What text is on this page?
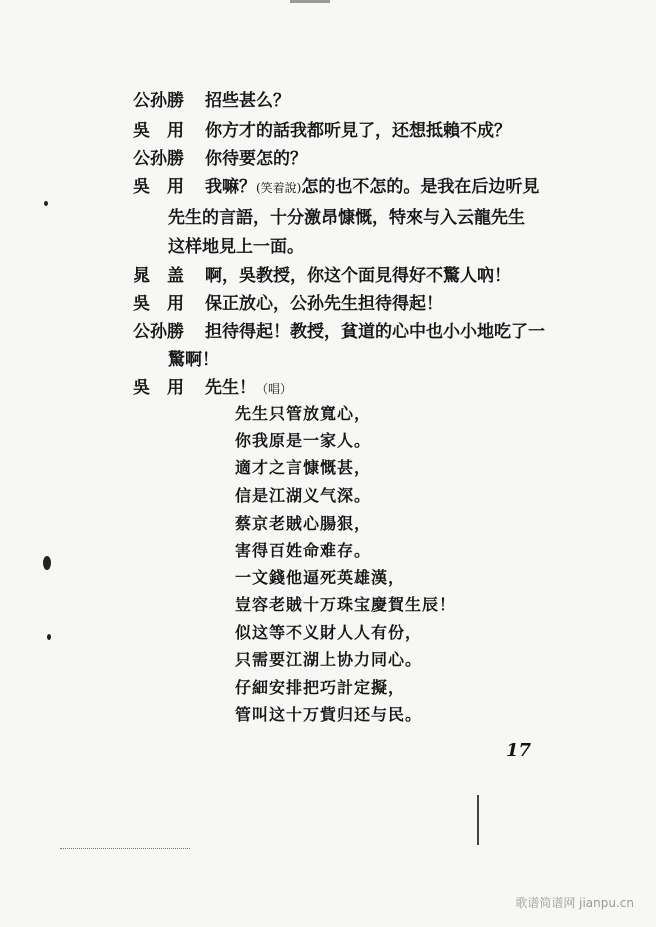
公孙勝 招些甚么？
吳　用 你方才的話我都听見了，还想抵賴不成？
公孙勝 你待要怎的？
吳　用 我嘛？(笑着說)怎的也不怎的。是我在后边听見
先生的言語，十分激昂慷慨，特來与入云龍先生
这样地見上一面。
晁　盖 啊，吳教授，你这个面見得好不驚人吶！
吳　用 保正放心，公孙先生担待得起！
公孙勝 担待得起！教授，貧道的心中也小小地吃了一
驚啊！
吳　用 先生！（唱）
先生只管放寬心，
你我原是一家人。
適才之言慷慨甚，
信是江湖义气深。
蔡京老賊心腸狠，
害得百姓命难存。
一文錢他逼死英雄漢，
豈容老賊十万珠宝慶賀生辰！
似这等不义財人人有份，
只需要江湖上协力同心。
仔細安排把巧計定擬，
管叫这十万貲归还与民。
17
歌谱简谱网 jianpu.cn
